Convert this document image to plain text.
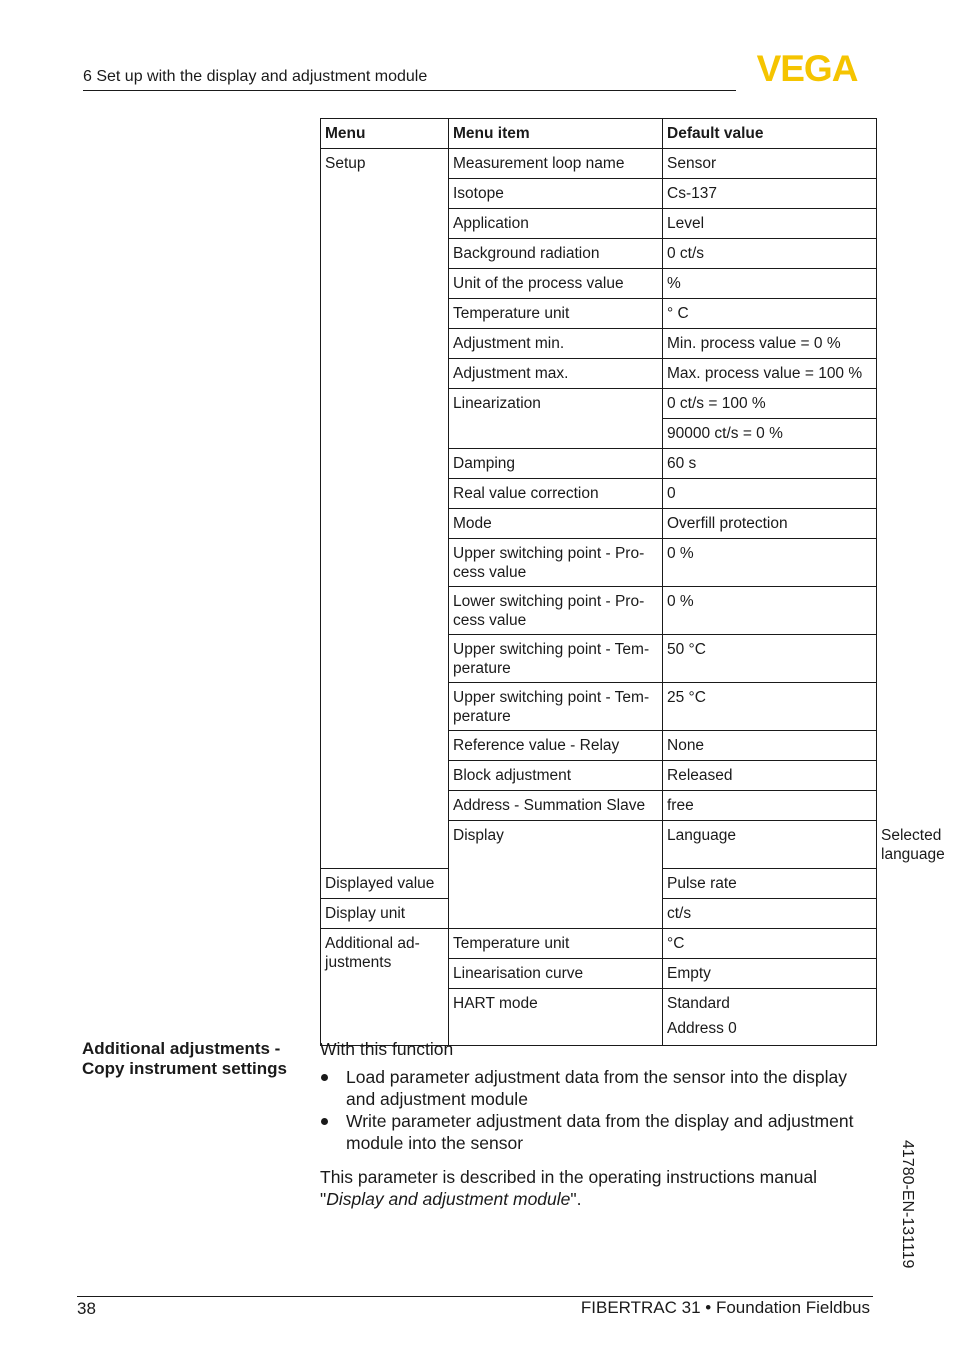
6 Set up with the display and adjustment module	VEGA
Menu	Menu item	Default value	
Setup	Measurement loop name	Sensor	
	Isotope	Cs-137	
	Application	Level	
	Background radiation	0 ct/s	
	Unit of the process value	%	
	Temperature unit	° C	
	Adjustment min.	Min. process value = 0 %	
	Adjustment max.	Max. process value = 100 %	
	Linearization	0 ct/s = 100 %	
		90000 ct/s = 0 %	
	Damping	60 s	
	Real value correction	0	
	Mode	Overfill protection	

	Upper switching point - Pro-
cess value	0 %	

	Lower switching point - Pro-
cess value	0 %	

	Upper switching point - Tem-
perature	50 °C	

	Upper switching point - Tem-
perature	25 °C	
	Reference value - Relay	None	
	Block adjustment	Released	
	Address - Summation Slave	free	
	Display	Language	Selected language
Displayed value		Pulse rate	
Display unit		ct/s	

Additional ad-
justments	Temperature unit	°C	
	Linearisation curve	Empty	
	HART mode	Standard
Address 0	
Additional adjustments -
Copy instrument settings

With this function

Load parameter adjustment data from the sensor into the display and adjustment module
Write parameter adjustment data from the display and adjustment module into the sensor

This parameter is described in the operating instructions manual "Display and adjustment module".	41780-EN-131119
38	FIBERTRAC 31 • Foundation Fieldbus
